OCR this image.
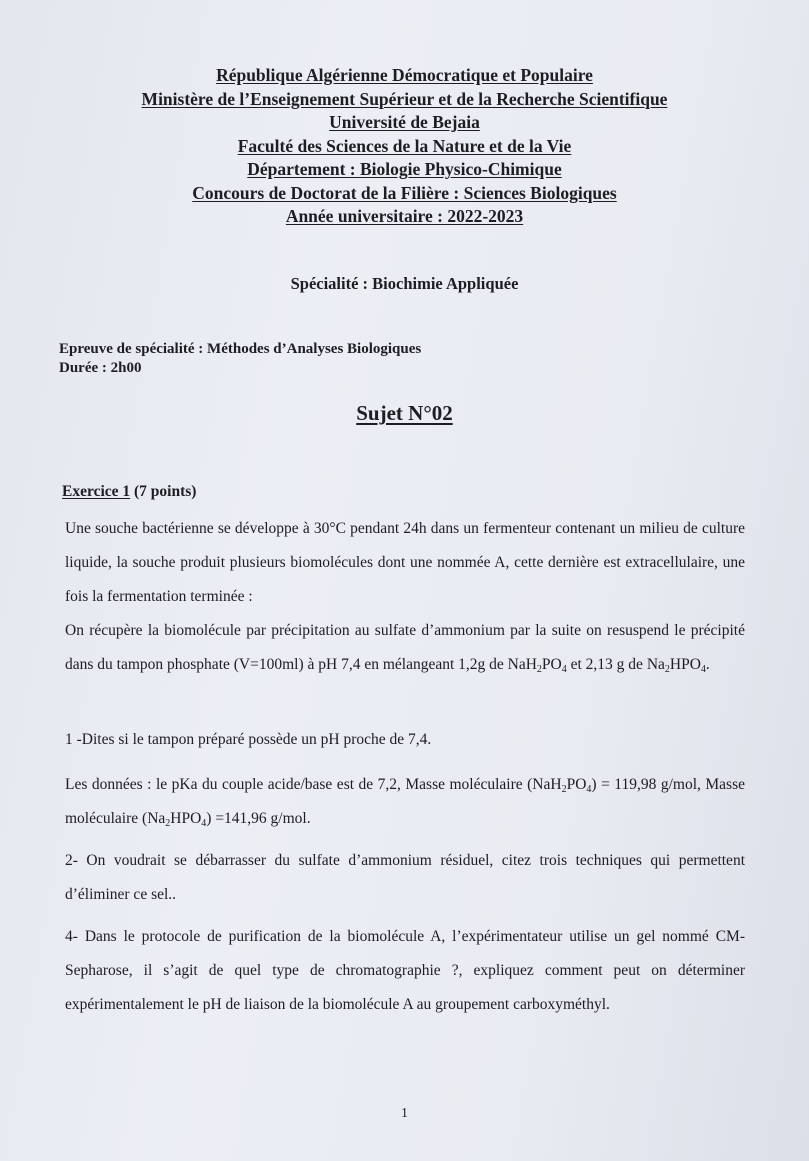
République Algérienne Démocratique et Populaire
Ministère de l’Enseignement Supérieur et de la Recherche Scientifique
Université de Bejaia
Faculté des Sciences de la Nature et de la Vie
Département : Biologie Physico-Chimique
Concours de Doctorat de la Filière : Sciences Biologiques
Année universitaire : 2022-2023
Spécialité : Biochimie Appliquée
Epreuve de spécialité : Méthodes d’Analyses Biologiques
Durée : 2h00
Sujet N°02
Exercice 1 (7 points)
Une souche bactérienne se développe à 30°C pendant 24h dans un fermenteur contenant un milieu de culture liquide, la souche produit plusieurs biomolécules dont une nommée A, cette dernière est extracellulaire, une fois la fermentation terminée :
On récupère la biomolécule par précipitation au sulfate d’ammonium par la suite on resuspend le précipité dans du tampon phosphate (V=100ml) à pH 7,4 en mélangeant 1,2g de $NaH_2PO_4$ et 2,13 g de $Na_2HPO_4$.
1 -Dites si le tampon préparé possède un pH proche de 7,4.
Les données : le pKa du couple acide/base est de 7,2, Masse moléculaire $(NaH_2PO_4) = 119,98$ g/mol, Masse moléculaire $(Na_2HPO_4) =141,96$ g/mol.
2- On voudrait se débarrasser du sulfate d’ammonium résiduel, citez trois techniques qui permettent d’éliminer ce sel..
4- Dans le protocole de purification de la biomolécule A, l’expérimentateur utilise un gel nommé CM-Sepharose, il s’agit de quel type de chromatographie ?, expliquez comment peut on déterminer expérimentalement le pH de liaison de la biomolécule A au groupement carboxyméthyl.
1
